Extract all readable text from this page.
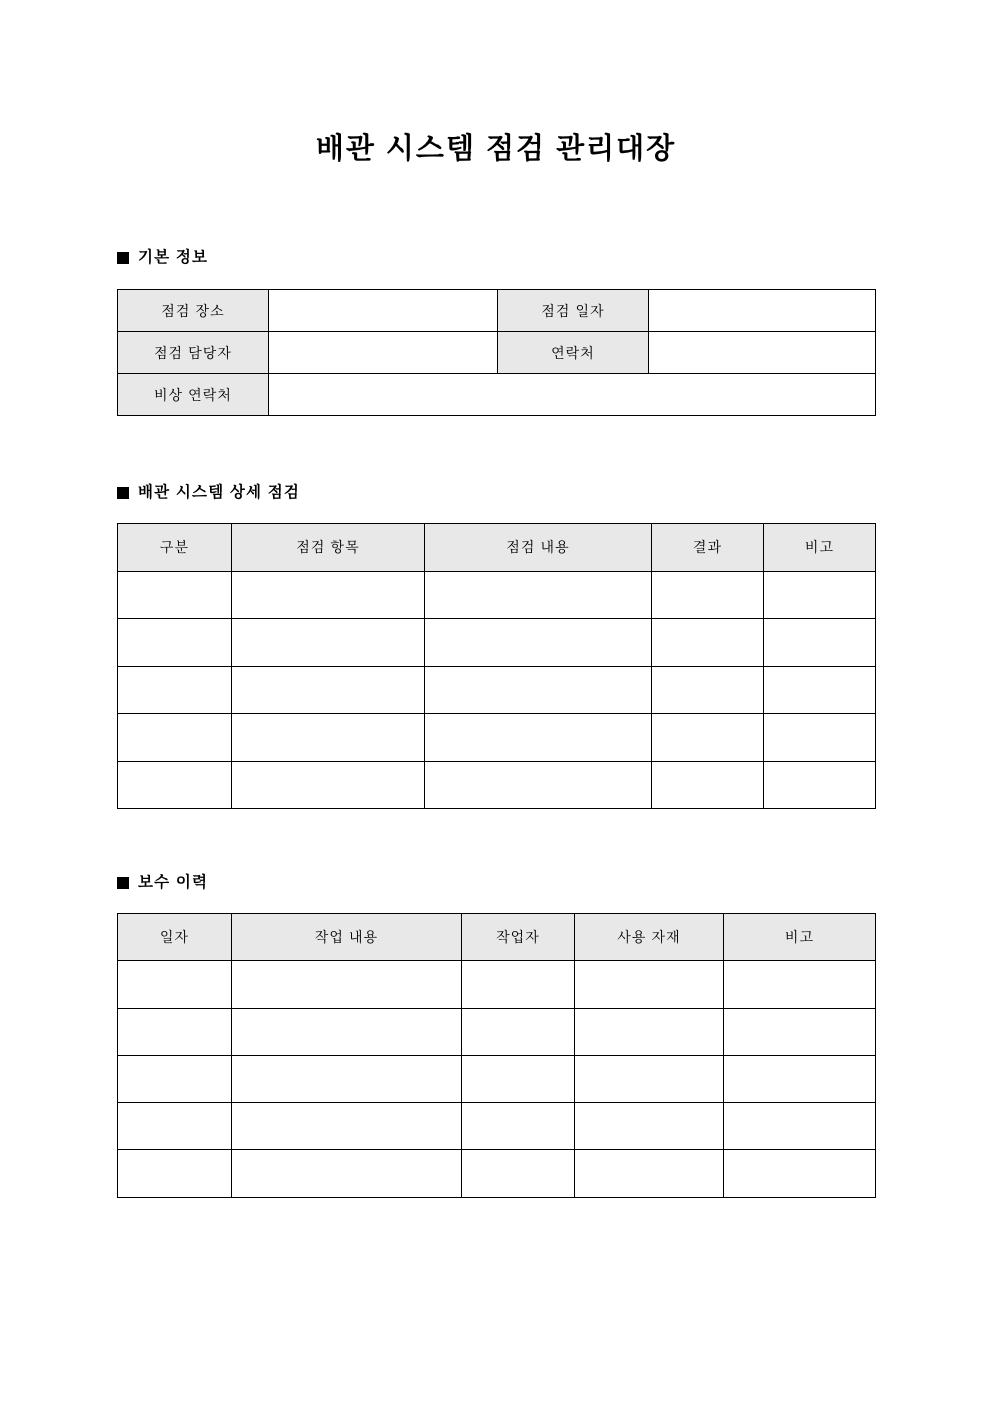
배관 시스템 점검 관리대장
기본 정보
점검 장소		점검 일자	
점검 담당자		연락처	
비상 연락처			
배관 시스템 상세 점검
구분	점검 항목	점검 내용	결과	비고

보수 이력
일자	작업 내용	작업자	사용 자재	비고
